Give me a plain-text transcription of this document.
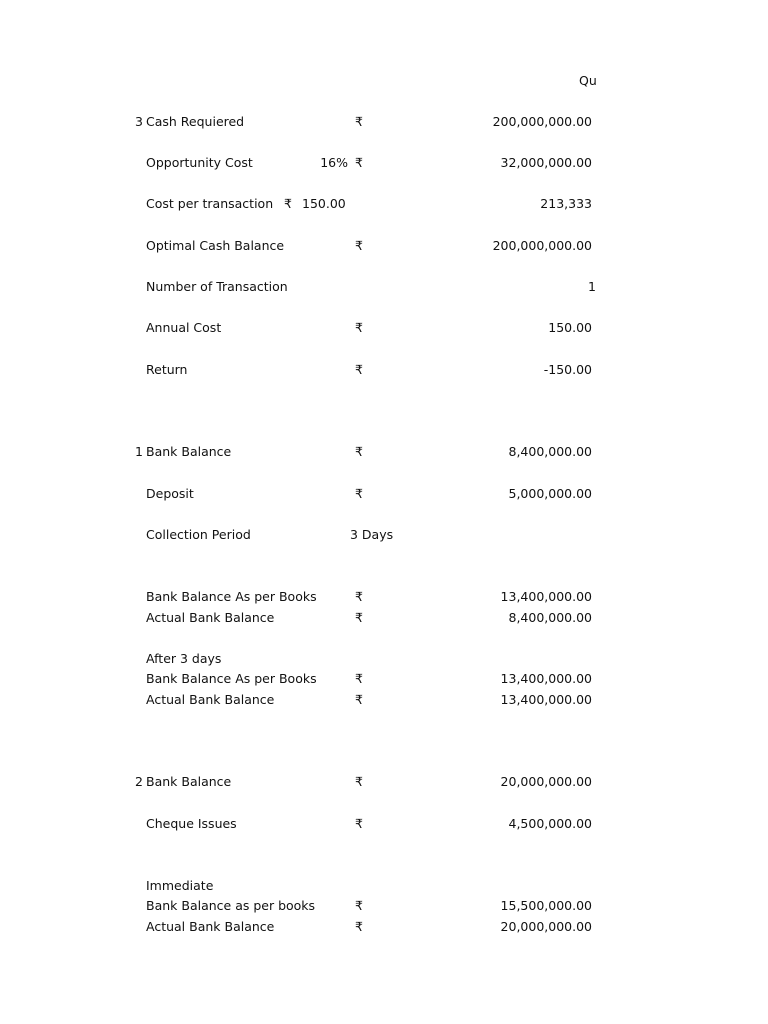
Qu
3 Cash Requiered	₹	200,000,000.00
Opportunity Cost	16% ₹	32,000,000.00
Cost per transaction ₹ 150.00	213,333
Optimal Cash Balance	₹	200,000,000.00
Number of Transaction	1
Annual Cost	₹	150.00
Return	₹	-150.00
1 Bank Balance	₹	8,400,000.00
Deposit	₹	5,000,000.00
Collection Period	3 Days
Bank Balance As per Books	₹	13,400,000.00
Actual Bank Balance	₹	8,400,000.00
After 3 days
Bank Balance As per Books	₹	13,400,000.00
Actual Bank Balance	₹	13,400,000.00
2 Bank Balance	₹	20,000,000.00
Cheque Issues	₹	4,500,000.00
Immediate
Bank Balance as per books	₹	15,500,000.00
Actual Bank Balance	₹	20,000,000.00
